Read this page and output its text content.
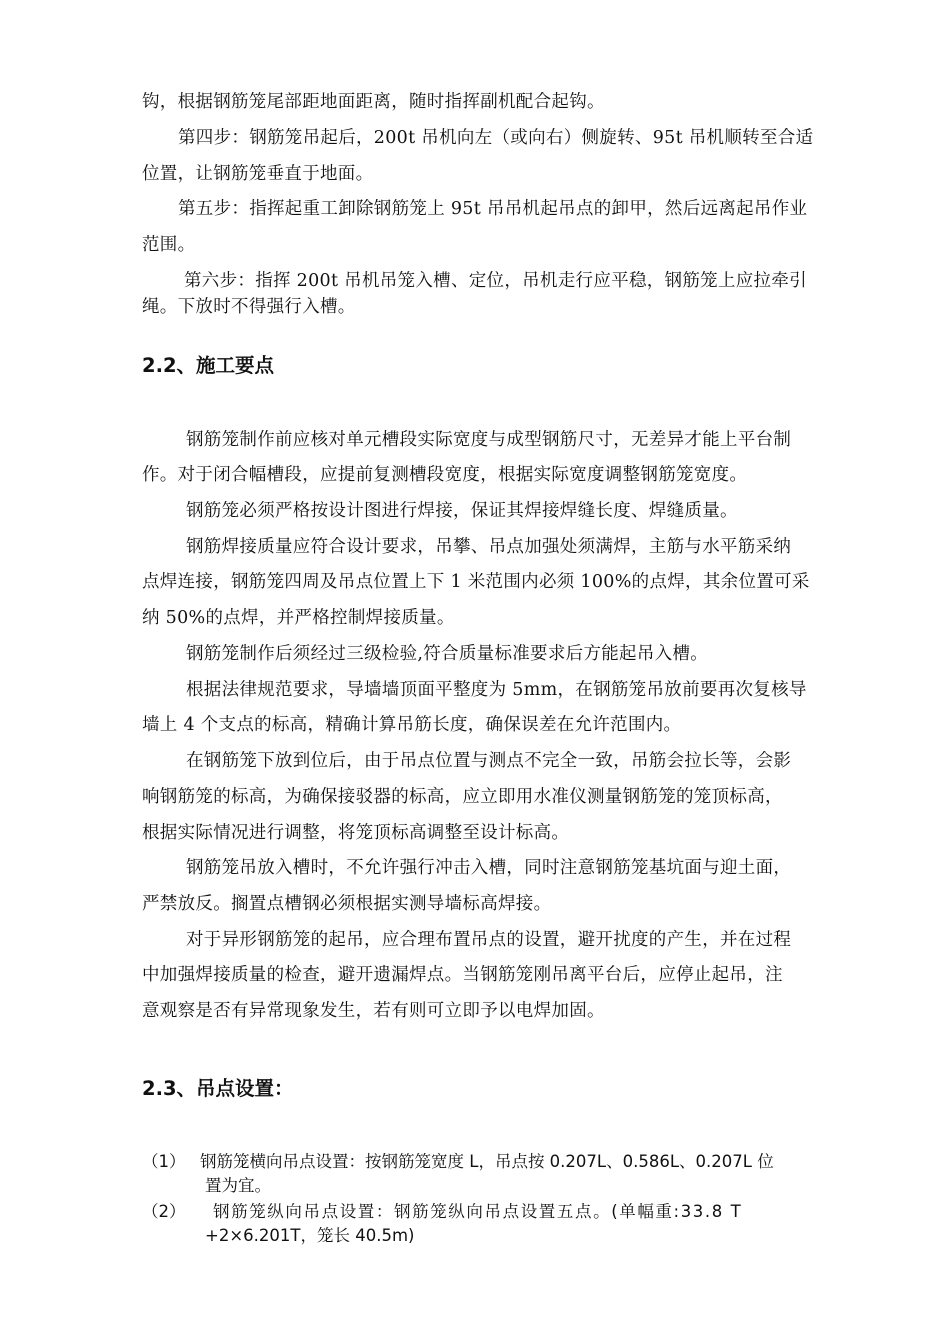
钩，根据钢筋笼尾部距地面距离，随时指挥副机配合起钩。
第四步：钢筋笼吊起后，200t 吊机向左（或向右）侧旋转、95t 吊机顺转至合适
位置，让钢筋笼垂直于地面。
第五步：指挥起重工卸除钢筋笼上 95t 吊吊机起吊点的卸甲，然后远离起吊作业
范围。
第六步：指挥 200t 吊机吊笼入槽、定位，吊机走行应平稳，钢筋笼上应拉牵引
绳。下放时不得强行入槽。
2.2、施工要点
钢筋笼制作前应核对单元槽段实际宽度与成型钢筋尺寸，无差异才能上平台制
作。对于闭合幅槽段，应提前复测槽段宽度，根据实际宽度调整钢筋笼宽度。
钢筋笼必须严格按设计图进行焊接，保证其焊接焊缝长度、焊缝质量。
钢筋焊接质量应符合设计要求，吊攀、吊点加强处须满焊，主筋与水平筋采纳
点焊连接，钢筋笼四周及吊点位置上下 1 米范围内必须 100%的点焊，其余位置可采
纳 50%的点焊，并严格控制焊接质量。
钢筋笼制作后须经过三级检验,符合质量标准要求后方能起吊入槽。
根据法律规范要求，导墙墙顶面平整度为 5mm，在钢筋笼吊放前要再次复核导
墙上 4 个支点的标高，精确计算吊筋长度，确保误差在允许范围内。
在钢筋笼下放到位后，由于吊点位置与测点不完全一致，吊筋会拉长等，会影
响钢筋笼的标高，为确保接驳器的标高，应立即用水准仪测量钢筋笼的笼顶标高，
根据实际情况进行调整，将笼顶标高调整至设计标高。
钢筋笼吊放入槽时，不允许强行冲击入槽，同时注意钢筋笼基坑面与迎土面，
严禁放反。搁置点槽钢必须根据实测导墙标高焊接。
对于异形钢筋笼的起吊，应合理布置吊点的设置，避开扰度的产生，并在过程
中加强焊接质量的检查，避开遗漏焊点。当钢筋笼刚吊离平台后，应停止起吊，注
意观察是否有异常现象发生，若有则可立即予以电焊加固。
2.3、吊点设置：
（1） 钢筋笼横向吊点设置：按钢筋笼宽度 L，吊点按 0.207L、0.586L、0.207L 位
置为宜。
（2） 钢筋笼纵向吊点设置：钢筋笼纵向吊点设置五点。(单幅重:33.8 T
+2×6.201T，笼长 40.5m)
